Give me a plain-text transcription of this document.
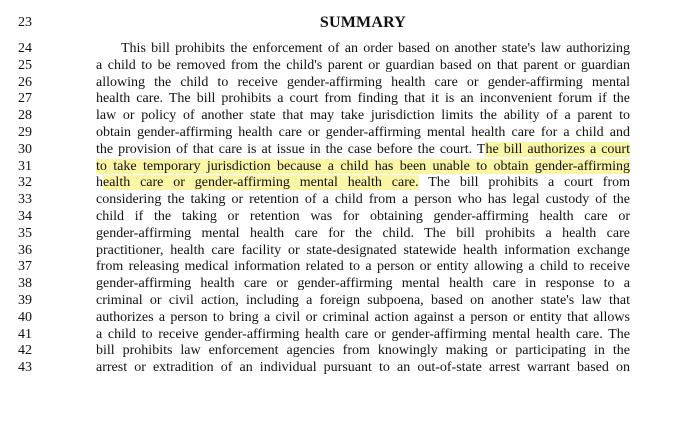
23	SUMMARY
24	This bill prohibits the enforcement of an order based on another state's law authorizing
25	a child to be removed from the child's parent or guardian based on that parent or guardian
26	allowing the child to receive gender-affirming health care or gender-affirming mental
27	health care. The bill prohibits a court from finding that it is an inconvenient forum if the
28	law or policy of another state that may take jurisdiction limits the ability of a parent to
29	obtain gender-affirming health care or gender-affirming mental health care for a child and
30	the provision of that care is at issue in the case before the court. The bill authorizes a court
31	to take temporary jurisdiction because a child has been unable to obtain gender-affirming
32	health care or gender-affirming mental health care. The bill prohibits a court from
33	considering the taking or retention of a child from a person who has legal custody of the
34	child if the taking or retention was for obtaining gender-affirming health care or
35	gender-affirming mental health care for the child. The bill prohibits a health care
36	practitioner, health care facility or state-designated statewide health information exchange
37	from releasing medical information related to a person or entity allowing a child to receive
38	gender-affirming health care or gender-affirming mental health care in response to a
39	criminal or civil action, including a foreign subpoena, based on another state's law that
40	authorizes a person to bring a civil or criminal action against a person or entity that allows
41	a child to receive gender-affirming health care or gender-affirming mental health care. The
42	bill prohibits law enforcement agencies from knowingly making or participating in the
43	arrest or extradition of an individual pursuant to an out-of-state arrest warrant based on
